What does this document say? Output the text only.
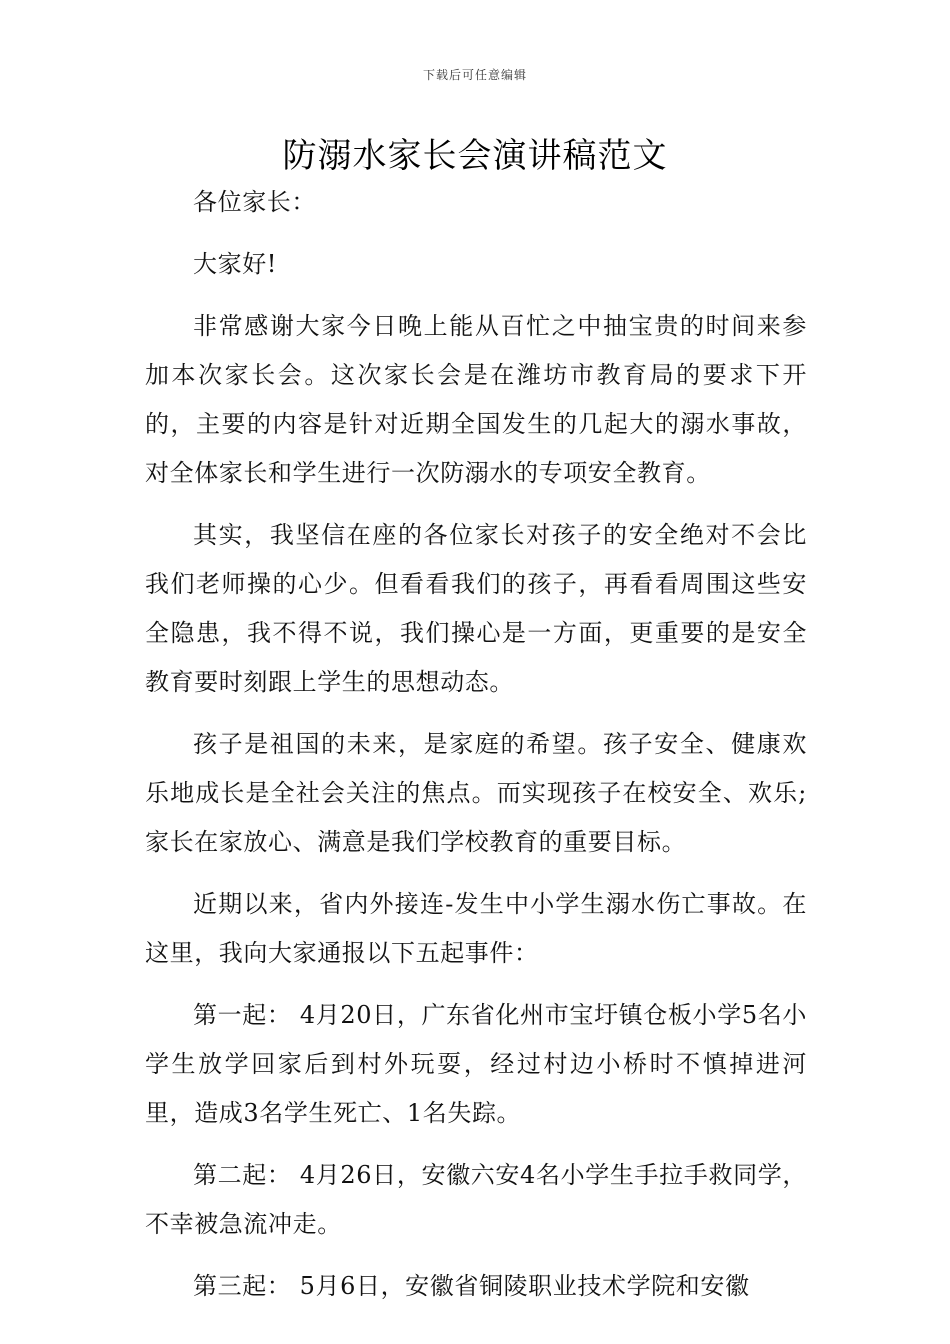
下载后可任意编辑
防溺水家长会演讲稿范文

各位家长：

大家好!

非常感谢大家今日晚上能从百忙之中抽宝贵的时间来参加本次家长会。这次家长会是在潍坊市教育局的要求下开的，主要的内容是针对近期全国发生的几起大的溺水事故，对全体家长和学生进行一次防溺水的专项安全教育。

其实，我坚信在座的各位家长对孩子的安全绝对不会比我们老师操的心少。但看看我们的孩子，再看看周围这些安全隐患，我不得不说，我们操心是一方面，更重要的是安全教育要时刻跟上学生的思想动态。

孩子是祖国的未来，是家庭的希望。孩子安全、健康欢乐地成长是全社会关注的焦点。而实现孩子在校安全、欢乐;家长在家放心、满意是我们学校教育的重要目标。

近期以来，省内外接连-发生中小学生溺水伤亡事故。在这里，我向大家通报以下五起事件：

第一起： 4月20日，广东省化州市宝圩镇仓板小学5名小学生放学回家后到村外玩耍，经过村边小桥时不慎掉进河里，造成3名学生死亡、1名失踪。

第二起： 4月26日，安徽六安4名小学生手拉手救同学，不幸被急流冲走。

第三起： 5月6日，安徽省铜陵职业技术学院和安徽
